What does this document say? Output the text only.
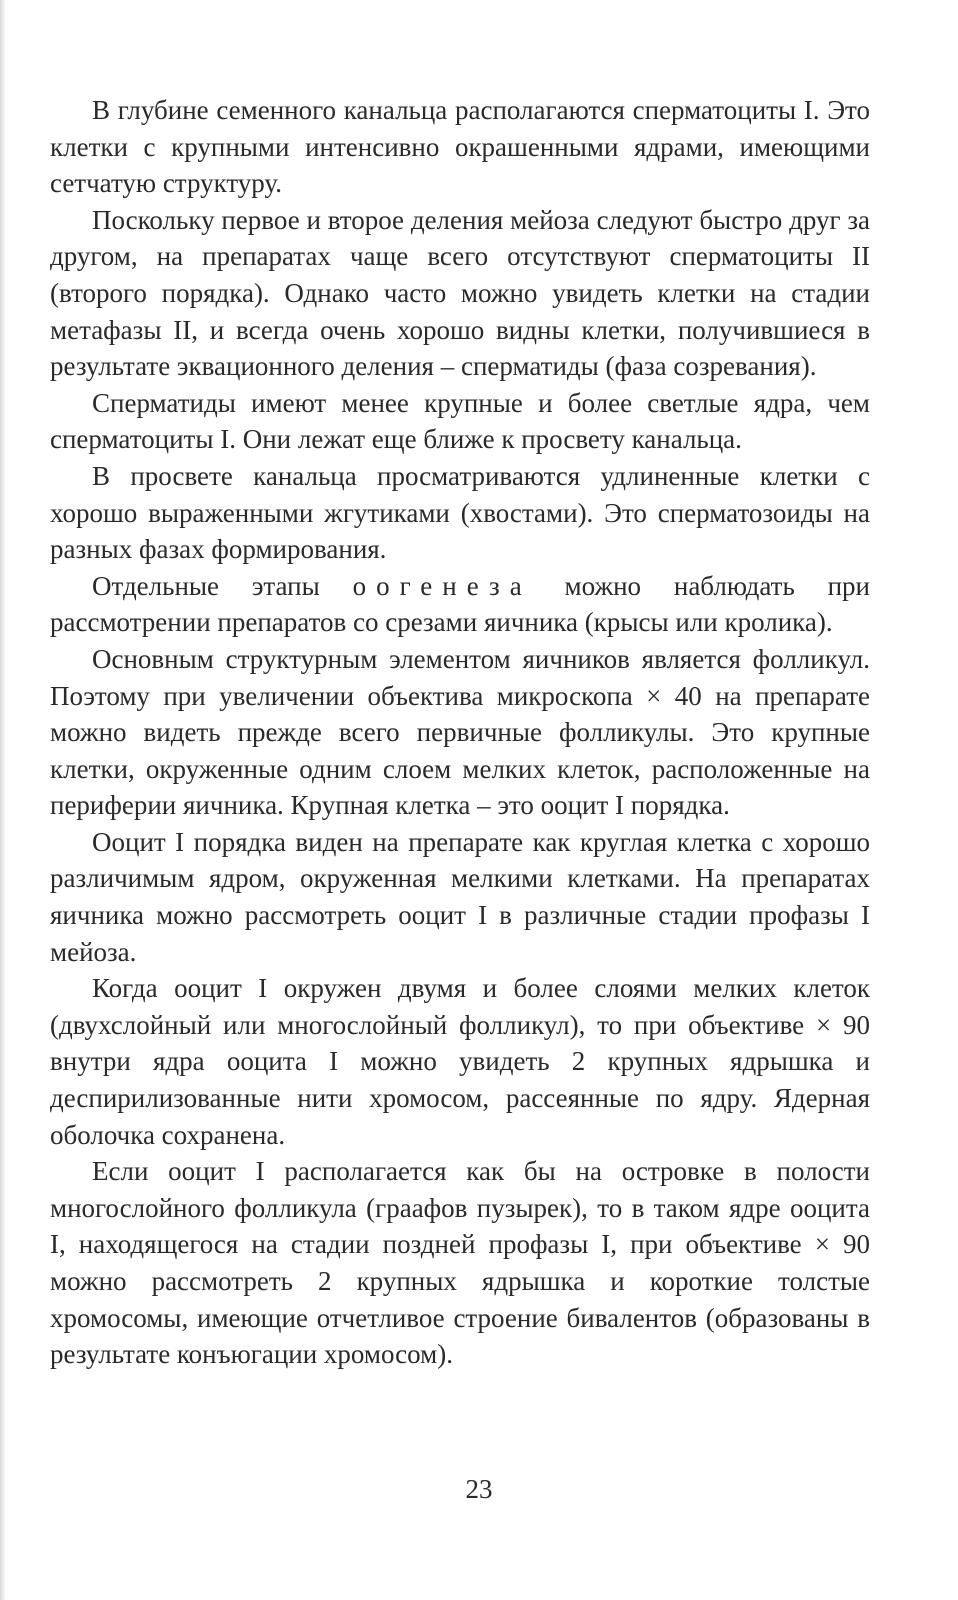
В глубине семенного канальца располагаются сперматоциты I. Это клетки с крупными интенсивно окрашенными ядрами, имеющими сетчатую структуру.

Поскольку первое и второе деления мейоза следуют быстро друг за другом, на препаратах чаще всего отсутствуют сперматоциты II (второго порядка). Однако часто можно увидеть клетки на стадии метафазы II, и всегда очень хорошо видны клетки, получившиеся в результате эквационного деления – сперматиды (фаза созревания).

Сперматиды имеют менее крупные и более светлые ядра, чем сперматоциты I. Они лежат еще ближе к просвету канальца.

В просвете канальца просматриваются удлиненные клетки с хорошо выраженными жгутиками (хвостами). Это сперматозоиды на разных фазах формирования.

Отдельные этапы оогенеза можно наблюдать при рассмотрении препаратов со срезами яичника (крысы или кролика).

Основным структурным элементом яичников является фолликул. Поэтому при увеличении объектива микроскопа × 40 на препарате можно видеть прежде всего первичные фолликулы. Это крупные клетки, окруженные одним слоем мелких клеток, расположенные на периферии яичника. Крупная клетка – это ооцит I порядка.

Ооцит I порядка виден на препарате как круглая клетка с хорошо различимым ядром, окруженная мелкими клетками. На препаратах яичника можно рассмотреть ооцит I в различные стадии профазы I мейоза.

Когда ооцит I окружен двумя и более слоями мелких клеток (двухслойный или многослойный фолликул), то при объективе × 90 внутри ядра ооцита I можно увидеть 2 крупных ядрышка и деспирилизованные нити хромосом, рассеянные по ядру. Ядерная оболочка сохранена.

Если ооцит I располагается как бы на островке в полости многослойного фолликула (граафов пузырек), то в таком ядре ооцита I, находящегося на стадии поздней профазы I, при объективе × 90 можно рассмотреть 2 крупных ядрышка и короткие толстые хромосомы, имеющие отчетливое строение бивалентов (образованы в результате конъюгации хромосом).

23
